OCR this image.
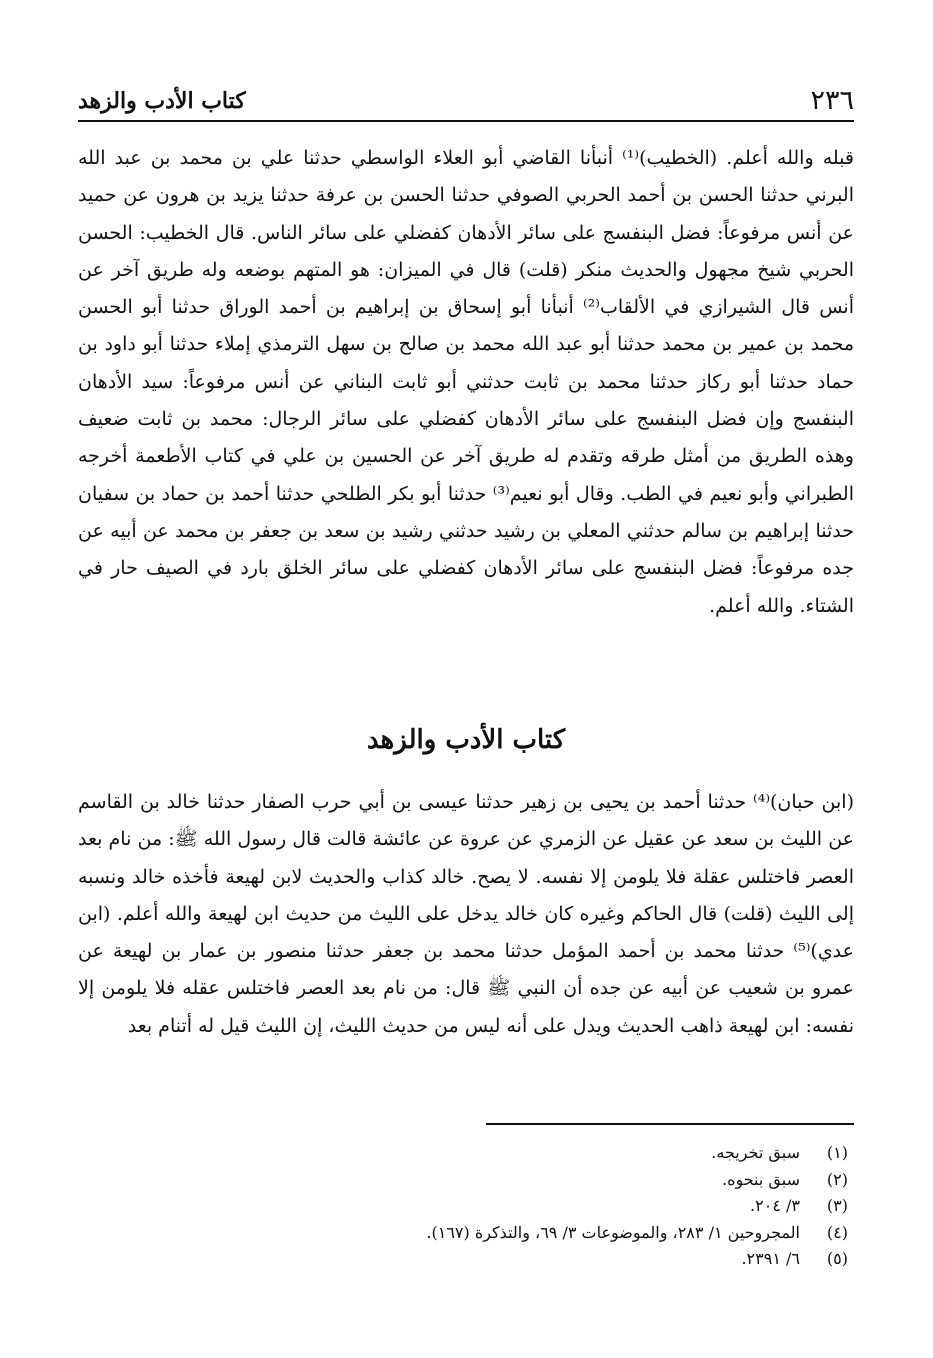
٢٣٦
كتاب الأدب والزهد

قبله والله أعلم. (الخطيب)⁽¹⁾ أنبأنا القاضي أبو العلاء الواسطي حدثنا علي بن محمد بن عبد الله البرني حدثنا الحسن بن أحمد الحربي الصوفي حدثنا الحسن بن عرفة حدثنا يزيد بن هرون عن حميد عن أنس مرفوعاً: فضل البنفسج على سائر الأدهان كفضلي على سائر الناس. قال الخطيب: الحسن الحربي شيخ مجهول والحديث منكر (قلت) قال في الميزان: هو المتهم بوضعه وله طريق آخر عن أنس قال الشيرازي في الألقاب⁽²⁾ أنبأنا أبو إسحاق بن إبراهيم بن أحمد الوراق حدثنا أبو الحسن محمد بن عمير بن محمد حدثنا أبو عبد الله محمد بن صالح بن سهل الترمذي إملاء حدثنا أبو داود بن حماد حدثنا أبو ركاز حدثنا محمد بن ثابت حدثني أبو ثابت البناني عن أنس مرفوعاً: سيد الأدهان البنفسج وإن فضل البنفسج على سائر الأدهان كفضلي على سائر الرجال: محمد بن ثابت ضعيف وهذه الطريق من أمثل طرقه وتقدم له طريق آخر عن الحسين بن علي في كتاب الأطعمة أخرجه الطبراني وأبو نعيم في الطب. وقال أبو نعيم⁽³⁾ حدثنا أبو بكر الطلحي حدثنا أحمد بن حماد بن سفيان حدثنا إبراهيم بن سالم حدثني المعلي بن رشيد حدثني رشيد بن سعد بن جعفر بن محمد عن أبيه عن جده مرفوعاً: فضل البنفسج على سائر الأدهان كفضلي على سائر الخلق بارد في الصيف حار في الشتاء. والله أعلم.

كتاب الأدب والزهد

(ابن حبان)⁽⁴⁾ حدثنا أحمد بن يحيى بن زهير حدثنا عيسى بن أبي حرب الصفار حدثنا خالد بن القاسم عن الليث بن سعد عن عقيل عن الزمري عن عروة عن عائشة قالت قال رسول الله ﷺ: من نام بعد العصر فاختلس عقلة فلا يلومن إلا نفسه. لا يصح. خالد كذاب والحديث لابن لهيعة فأخذه خالد ونسبه إلى الليث (قلت) قال الحاكم وغيره كان خالد يدخل على الليث من حديث ابن لهيعة والله أعلم. (ابن عدي)⁽⁵⁾ حدثنا محمد بن أحمد المؤمل حدثنا محمد بن جعفر حدثنا منصور بن عمار بن لهيعة عن عمرو بن شعيب عن أبيه عن جده أن النبي ﷺ قال: من نام بعد العصر فاختلس عقله فلا يلومن إلا نفسه: ابن لهيعة ذاهب الحديث ويدل على أنه ليس من حديث الليث، إن الليث قيل له أتنام بعد

(١)
سبق تخريجه.
(٢)
سبق بنحوه.
(٣)
٣/ ٢٠٤.
(٤)
المجروحين ١/ ٢٨٣، والموضوعات ٣/ ٦٩، والتذكرة (١٦٧).
(٥)
٦/ ٢٣٩١.
